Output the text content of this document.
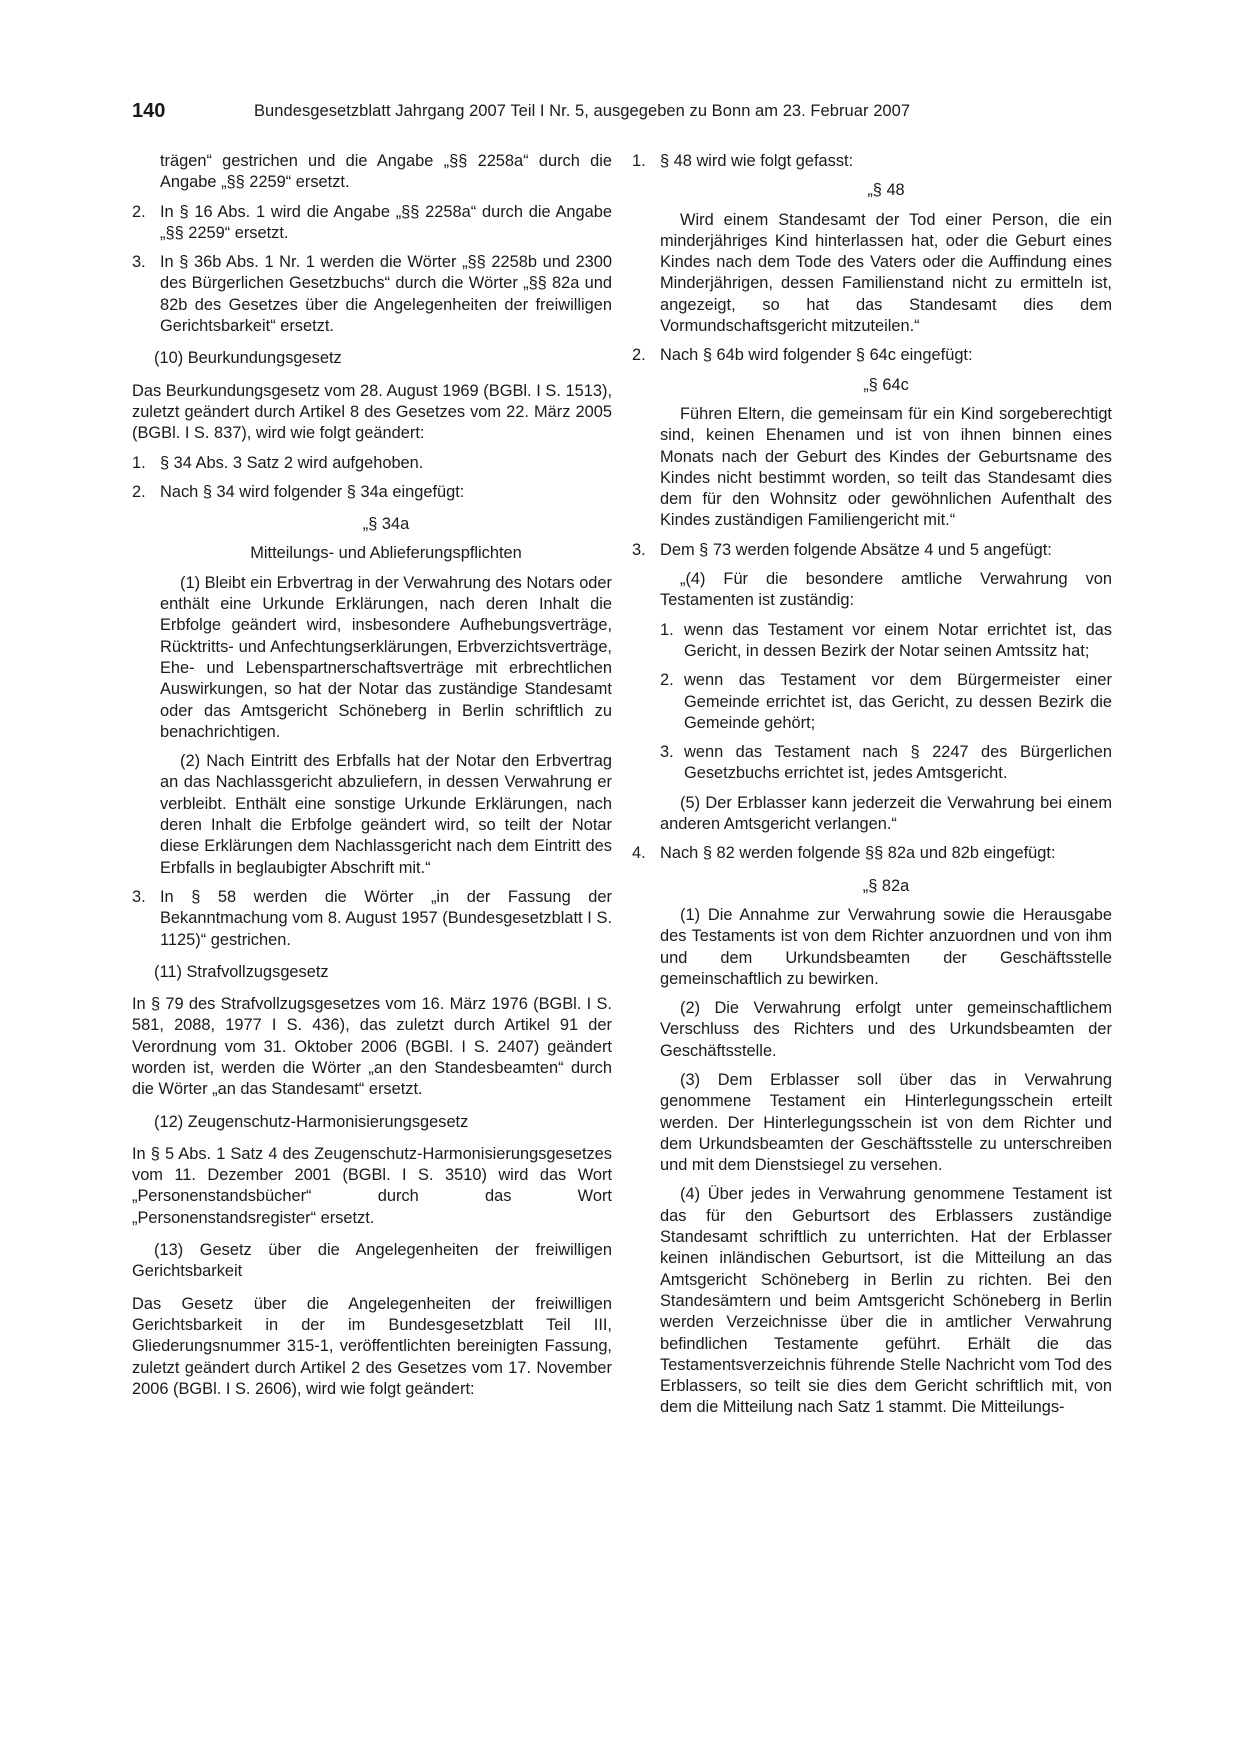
140	Bundesgesetzblatt Jahrgang 2007 Teil I Nr. 5, ausgegeben zu Bonn am 23. Februar 2007

trägen“ gestrichen und die Angabe „§§ 2258a“ durch die Angabe „§§ 2259“ ersetzt.

2. In § 16 Abs. 1 wird die Angabe „§§ 2258a“ durch die Angabe „§§ 2259“ ersetzt.

3. In § 36b Abs. 1 Nr. 1 werden die Wörter „§§ 2258b und 2300 des Bürgerlichen Gesetzbuchs“ durch die Wörter „§§ 82a und 82b des Gesetzes über die Angelegenheiten der freiwilligen Gerichtsbarkeit“ ersetzt.

(10) Beurkundungsgesetz

Das Beurkundungsgesetz vom 28. August 1969 (BGBl. I S. 1513), zuletzt geändert durch Artikel 8 des Gesetzes vom 22. März 2005 (BGBl. I S. 837), wird wie folgt geändert:

1. § 34 Abs. 3 Satz 2 wird aufgehoben.

2. Nach § 34 wird folgender § 34a eingefügt:

„§ 34a

Mitteilungs- und Ablieferungspflichten

(1) Bleibt ein Erbvertrag in der Verwahrung des Notars oder enthält eine Urkunde Erklärungen, nach deren Inhalt die Erbfolge geändert wird, insbesondere Aufhebungsverträge, Rücktritts- und Anfechtungserklärungen, Erbverzichtsverträge, Ehe- und Lebenspartnerschaftsverträge mit erbrechtlichen Auswirkungen, so hat der Notar das zuständige Standesamt oder das Amtsgericht Schöneberg in Berlin schriftlich zu benachrichtigen.

(2) Nach Eintritt des Erbfalls hat der Notar den Erbvertrag an das Nachlassgericht abzuliefern, in dessen Verwahrung er verbleibt. Enthält eine sonstige Urkunde Erklärungen, nach deren Inhalt die Erbfolge geändert wird, so teilt der Notar diese Erklärungen dem Nachlassgericht nach dem Eintritt des Erbfalls in beglaubigter Abschrift mit.“

3. In § 58 werden die Wörter „in der Fassung der Bekanntmachung vom 8. August 1957 (Bundesgesetzblatt I S. 1125)“ gestrichen.

(11) Strafvollzugsgesetz

In § 79 des Strafvollzugsgesetzes vom 16. März 1976 (BGBl. I S. 581, 2088, 1977 I S. 436), das zuletzt durch Artikel 91 der Verordnung vom 31. Oktober 2006 (BGBl. I S. 2407) geändert worden ist, werden die Wörter „an den Standesbeamten“ durch die Wörter „an das Standesamt“ ersetzt.

(12) Zeugenschutz-Harmonisierungsgesetz

In § 5 Abs. 1 Satz 4 des Zeugenschutz-Harmonisierungsgesetzes vom 11. Dezember 2001 (BGBl. I S. 3510) wird das Wort „Personenstandsbücher“ durch das Wort „Personenstandsregister“ ersetzt.

(13) Gesetz über die Angelegenheiten der freiwilligen Gerichtsbarkeit

Das Gesetz über die Angelegenheiten der freiwilligen Gerichtsbarkeit in der im Bundesgesetzblatt Teil III, Gliederungsnummer 315-1, veröffentlichten bereinigten Fassung, zuletzt geändert durch Artikel 2 des Gesetzes vom 17. November 2006 (BGBl. I S. 2606), wird wie folgt geändert:

1. § 48 wird wie folgt gefasst:

„§ 48

Wird einem Standesamt der Tod einer Person, die ein minderjähriges Kind hinterlassen hat, oder die Geburt eines Kindes nach dem Tode des Vaters oder die Auffindung eines Minderjährigen, dessen Familienstand nicht zu ermitteln ist, angezeigt, so hat das Standesamt dies dem Vormundschaftsgericht mitzuteilen.“

2. Nach § 64b wird folgender § 64c eingefügt:

„§ 64c

Führen Eltern, die gemeinsam für ein Kind sorgeberechtigt sind, keinen Ehenamen und ist von ihnen binnen eines Monats nach der Geburt des Kindes der Geburtsname des Kindes nicht bestimmt worden, so teilt das Standesamt dies dem für den Wohnsitz oder gewöhnlichen Aufenthalt des Kindes zuständigen Familiengericht mit.“

3. Dem § 73 werden folgende Absätze 4 und 5 angefügt:

„(4) Für die besondere amtliche Verwahrung von Testamenten ist zuständig:

1. wenn das Testament vor einem Notar errichtet ist, das Gericht, in dessen Bezirk der Notar seinen Amtssitz hat;

2. wenn das Testament vor dem Bürgermeister einer Gemeinde errichtet ist, das Gericht, zu dessen Bezirk die Gemeinde gehört;

3. wenn das Testament nach § 2247 des Bürgerlichen Gesetzbuchs errichtet ist, jedes Amtsgericht.

(5) Der Erblasser kann jederzeit die Verwahrung bei einem anderen Amtsgericht verlangen.“

4. Nach § 82 werden folgende §§ 82a und 82b eingefügt:

„§ 82a

(1) Die Annahme zur Verwahrung sowie die Herausgabe des Testaments ist von dem Richter anzuordnen und von ihm und dem Urkundsbeamten der Geschäftsstelle gemeinschaftlich zu bewirken.

(2) Die Verwahrung erfolgt unter gemeinschaftlichem Verschluss des Richters und des Urkundsbeamten der Geschäftsstelle.

(3) Dem Erblasser soll über das in Verwahrung genommene Testament ein Hinterlegungsschein erteilt werden. Der Hinterlegungsschein ist von dem Richter und dem Urkundsbeamten der Geschäftsstelle zu unterschreiben und mit dem Dienstsiegel zu versehen.

(4) Über jedes in Verwahrung genommene Testament ist das für den Geburtsort des Erblassers zuständige Standesamt schriftlich zu unterrichten. Hat der Erblasser keinen inländischen Geburtsort, ist die Mitteilung an das Amtsgericht Schöneberg in Berlin zu richten. Bei den Standesämtern und beim Amtsgericht Schöneberg in Berlin werden Verzeichnisse über die in amtlicher Verwahrung befindlichen Testamente geführt. Erhält die das Testamentsverzeichnis führende Stelle Nachricht vom Tod des Erblassers, so teilt sie dies dem Gericht schriftlich mit, von dem die Mitteilung nach Satz 1 stammt. Die Mitteilungs-
